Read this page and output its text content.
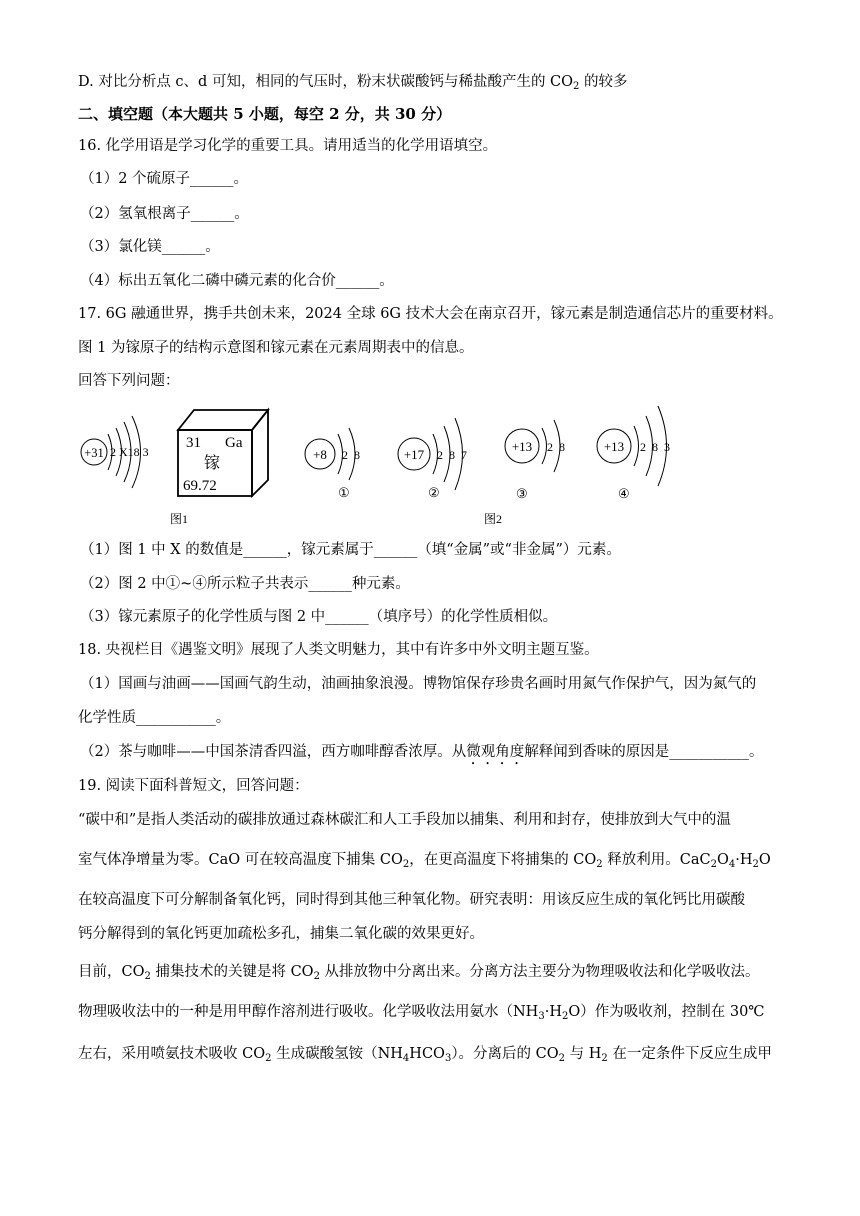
D. 对比分析点 c、d 可知，相同的气压时，粉末状碳酸钙与稀盐酸产生的 $CO_2$ 的较多
二、填空题（本大题共 5 小题，每空 2 分，共 30 分）
16. 化学用语是学习化学的重要工具。请用适当的化学用语填空。
（1）2 个硫原子______。
（2）氢氧根离子______。
（3）氯化镁______。
（4）标出五氧化二磷中磷元素的化合价______。
17. 6G 融通世界，携手共创未来，2024 全球 6G 技术大会在南京召开，镓元素是制造通信芯片的重要材料。
图 1 为镓原子的结构示意图和镓元素在元素周期表中的信息。
回答下列问题：
+31 2 X18 3
31 Ga
镓
69.72
图1
+8 2 8
①
+17 2 8 7
②
+13 2 8
③
+13 2 8 3
④
图2
（1）图 1 中 X 的数值是______，镓元素属于______（填“金属”或“非金属”）元素。
（2）图 2 中①~④所示粒子共表示______种元素。
（3）镓元素原子的化学性质与图 2 中______（填序号）的化学性质相似。
18. 央视栏目《遇鉴文明》展现了人类文明魅力，其中有许多中外文明主题互鉴。
（1）国画与油画——国画气韵生动，油画抽象浪漫。博物馆保存珍贵名画时用氮气作保护气，因为氮气的
化学性质___________。
（2）茶与咖啡——中国茶清香四溢，西方咖啡醇香浓厚。从微观角度解释闻到香味的原因是___________。
19. 阅读下面科普短文，回答问题：
“碳中和”是指人类活动的碳排放通过森林碳汇和人工手段加以捕集、利用和封存，使排放到大气中的温
室气体净增量为零。CaO 可在较高温度下捕集 $CO_2$，在更高温度下将捕集的 $CO_2$ 释放利用。$CaC_2O_4\cdot H_2O$
在较高温度下可分解制备氧化钙，同时得到其他三种氧化物。研究表明：用该反应生成的氧化钙比用碳酸
钙分解得到的氧化钙更加疏松多孔，捕集二氧化碳的效果更好。
目前，$CO_2$ 捕集技术的关键是将 $CO_2$ 从排放物中分离出来。分离方法主要分为物理吸收法和化学吸收法。
物理吸收法中的一种是用甲醇作溶剂进行吸收。化学吸收法用氨水$(NH_3\cdot H_2O)$作为吸收剂，控制在 30℃
左右，采用喷氨技术吸收 $CO_2$ 生成碳酸氢铵$(NH_4HCO_3)$。分离后的 $CO_2$ 与 $H_2$ 在一定条件下反应生成甲
